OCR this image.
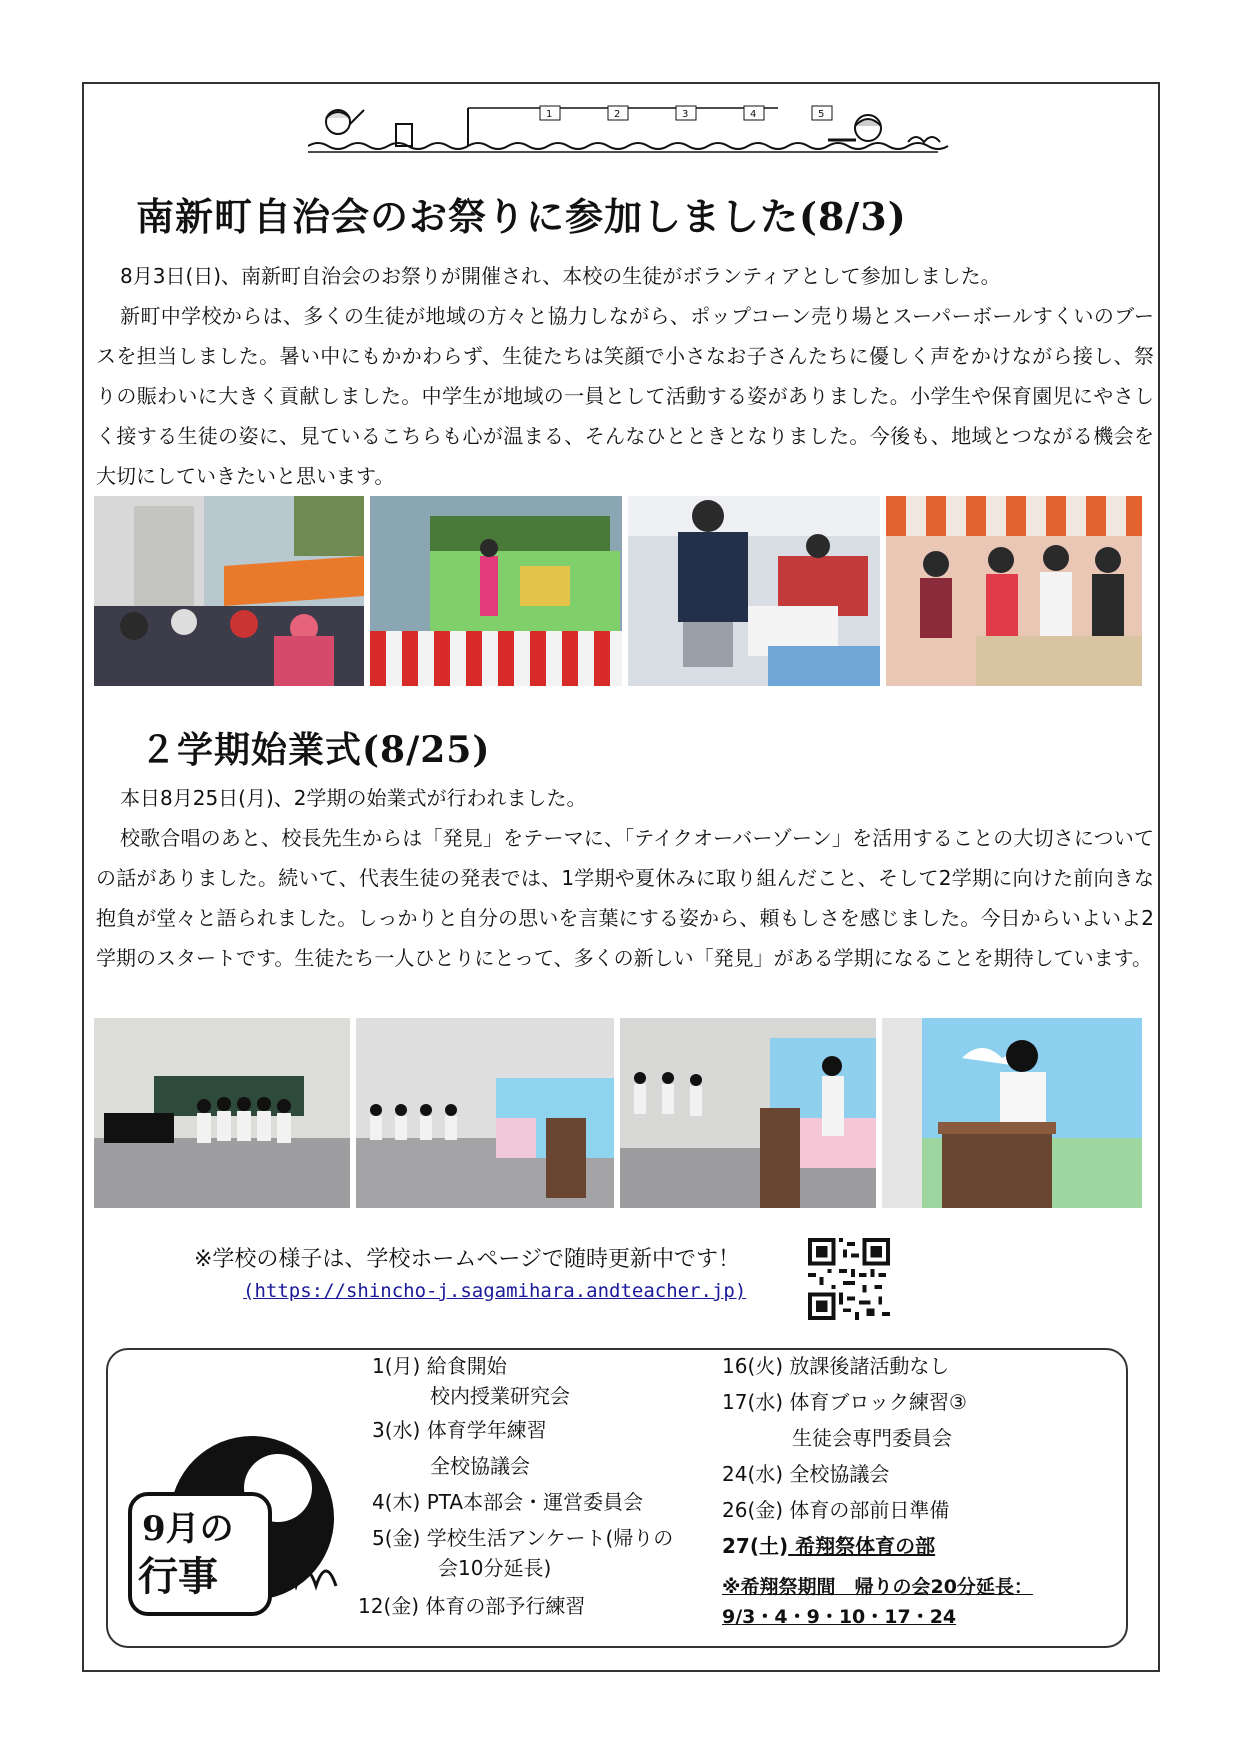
1	2	3	4	5
南新町自治会のお祭りに参加しました(8/3)

8月3日(日)、南新町自治会のお祭りが開催され、本校の生徒がボランティアとして参加しました。

新町中学校からは、多くの生徒が地域の方々と協力しながら、ポップコーン売り場とスーパーボールすくいのブースを担当しました。暑い中にもかかわらず、生徒たちは笑顔で小さなお子さんたちに優しく声をかけながら接し、祭りの賑わいに大きく貢献しました。中学生が地域の一員として活動する姿がありました。小学生や保育園児にやさしく接する生徒の姿に、見ているこちらも心が温まる、そんなひとときとなりました。今後も、地域とつながる機会を大切にしていきたいと思います。

２学期始業式(8/25)

本日8月25日(月)、2学期の始業式が行われました。

校歌合唱のあと、校長先生からは「発見」をテーマに、「テイクオーバーゾーン」を活用することの大切さについての話がありました。続いて、代表生徒の発表では、1学期や夏休みに取り組んだこと、そして2学期に向けた前向きな抱負が堂々と語られました。しっかりと自分の思いを言葉にする姿から、頼もしさを感じました。今日からいよいよ2学期のスタートです。生徒たち一人ひとりにとって、多くの新しい「発見」がある学期になることを期待しています。

※学校の様子は、学校ホームページで随時更新中です！
(https://shincho-j.sagamihara.andteacher.jp)
9月の
行事
1(月) 給食開始
校内授業研究会
3(水) 体育学年練習
全校協議会
4(木) PTA本部会・運営委員会
5(金) 学校生活アンケート(帰りの
会10分延長)
12(金) 体育の部予行練習
16(火) 放課後諸活動なし
17(水) 体育ブロック練習③
生徒会専門委員会
24(水) 全校協議会
26(金) 体育の部前日準備
27(土) 希翔祭体育の部
※希翔祭期間　帰りの会20分延長：
9/3・4・9・10・17・24
